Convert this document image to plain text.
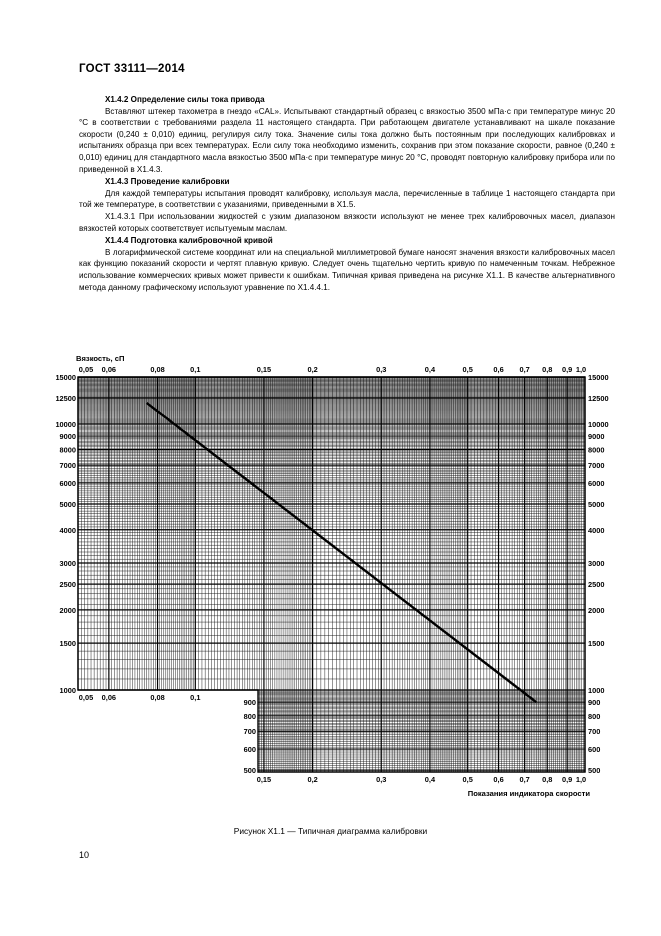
ГОСТ 33111—2014

X1.4.2 Определение силы тока привода

Вставляют штекер тахометра в гнездо «CAL». Испытывают стандартный образец с вязкостью 3500 мПа·с при температуре минус 20 °С в соответствии с требованиями раздела 11 настоящего стандарта. При работающем двигателе устанавливают на шкале показание скорости (0,240 ± 0,010) единиц, регулируя силу тока. Значение силы тока должно быть постоянным при последующих калибровках и испытаниях образца при всех температурах. Если силу тока необходимо изменить, сохранив при этом показание скорости, равное (0,240 ± 0,010) единиц для стандартного масла вязкостью 3500 мПа·с при температуре минус 20 °С, проводят повторную калибровку прибора или по приведенной в X1.4.3.

X1.4.3 Проведение калибровки

Для каждой температуры испытания проводят калибровку, используя масла, перечисленные в таблице 1 настоящего стандарта при той же температуре, в соответствии с указаниями, приведенными в X1.5.

X1.4.3.1 При использовании жидкостей с узким диапазоном вязкости используют не менее трех калибровочных масел, диапазон вязкостей которых соответствует испытуемым маслам.

X1.4.4 Подготовка калибровочной кривой

В логарифмической системе координат или на специальной миллиметровой бумаге наносят значения вязкости калибровочных масел как функцию показаний скорости и чертят плавную кривую. Следует очень тщательно чертить кривую по намеченным точкам. Небрежное использование коммерческих кривых может привести к ошибкам. Типичная кривая приведена на рисунке X1.1. В качестве альтернативного метода данному графическому используют уравнение по X1.4.4.1.

0,05 0,06	0,08	0,1	0,15	0,2	0,3	0,4	0,5	0,6 0,7 0,8 0,9 1,0
0,05 0,06	0,08	0,1
0,15	0,2	0,3	0,4	0,5	0,6 0,7 0,8 0,9 1,0
15000	15000
12500	12500
10000	10000
9000	9000
8000	8000
7000	7000
6000	6000
5000	5000
4000	4000
3000	3000
2500	2500
2000	2000
1500	1500
1000	1000
900	900
800	800
700	700
600	600
500	500
Вязкость, сП
Показания индикатора скорости
Рисунок X1.1 — Типичная диаграмма калибровки
10
